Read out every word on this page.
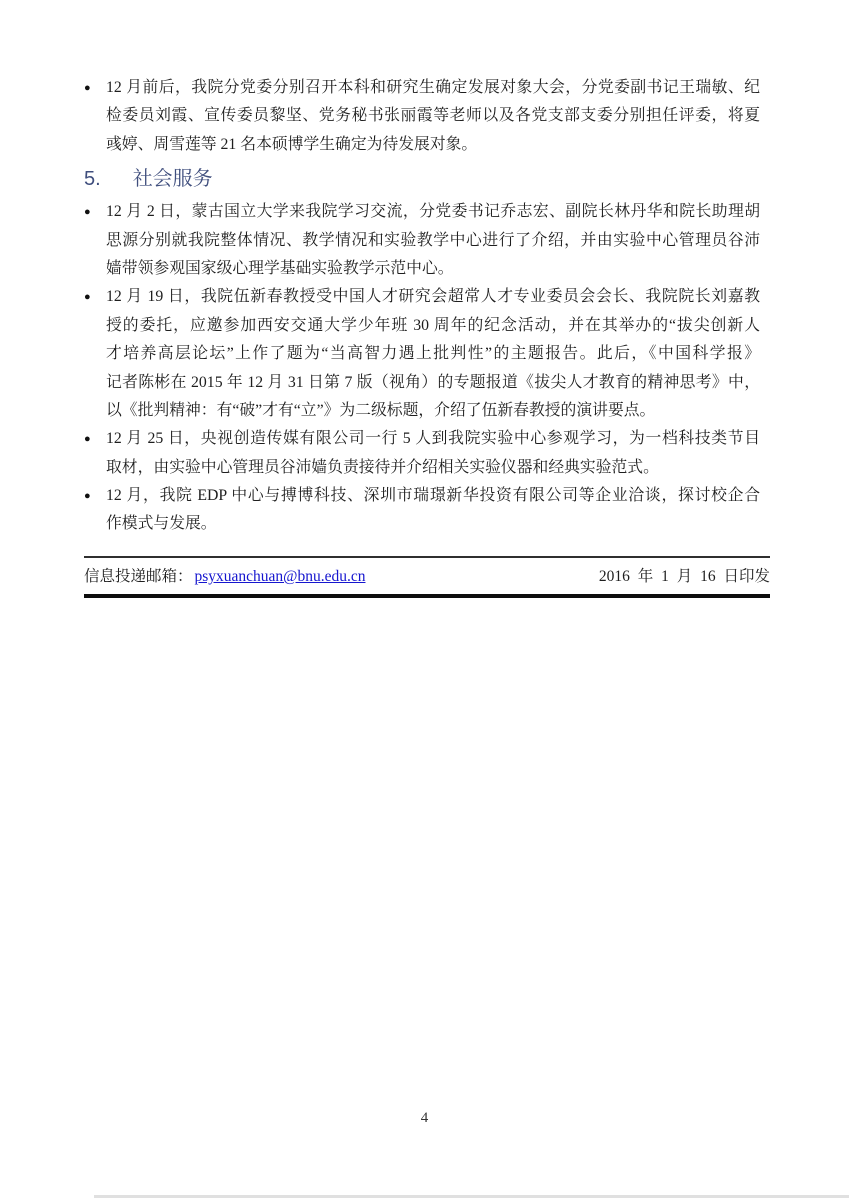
● 12 月前后，我院分党委分别召开本科和研究生确定发展对象大会，分党委副书记王瑞敏、纪
检委员刘霞、宣传委员黎坚、党务秘书张丽霞等老师以及各党支部支委分别担任评委，将夏
彧婷、周雪莲等 21 名本硕博学生确定为待发展对象。
5. 社会服务
● 12 月 2 日，蒙古国立大学来我院学习交流，分党委书记乔志宏、副院长林丹华和院长助理胡
思源分别就我院整体情况、教学情况和实验教学中心进行了介绍，并由实验中心管理员谷沛
嫱带领参观国家级心理学基础实验教学示范中心。
● 12 月 19 日，我院伍新春教授受中国人才研究会超常人才专业委员会会长、我院院长刘嘉教
授的委托，应邀参加西安交通大学少年班 30 周年的纪念活动，并在其举办的“拔尖创新人
才培养高层论坛”上作了题为“当高智力遇上批判性”的主题报告。此后，《中国科学报》
记者陈彬在 2015 年 12 月 31 日第 7 版（视角）的专题报道《拔尖人才教育的精神思考》中，
以《批判精神：有“破”才有“立”》为二级标题，介绍了伍新春教授的演讲要点。
● 12 月 25 日，央视创造传媒有限公司一行 5 人到我院实验中心参观学习，为一档科技类节目
取材，由实验中心管理员谷沛嫱负责接待并介绍相关实验仪器和经典实验范式。
● 12 月，我院 EDP 中心与搏博科技、深圳市瑞璟新华投资有限公司等企业洽谈，探讨校企合
作模式与发展。
信息投递邮箱： psyxuanchuan@bnu.edu.cn	2016 年 1 月 16 日印发
4
